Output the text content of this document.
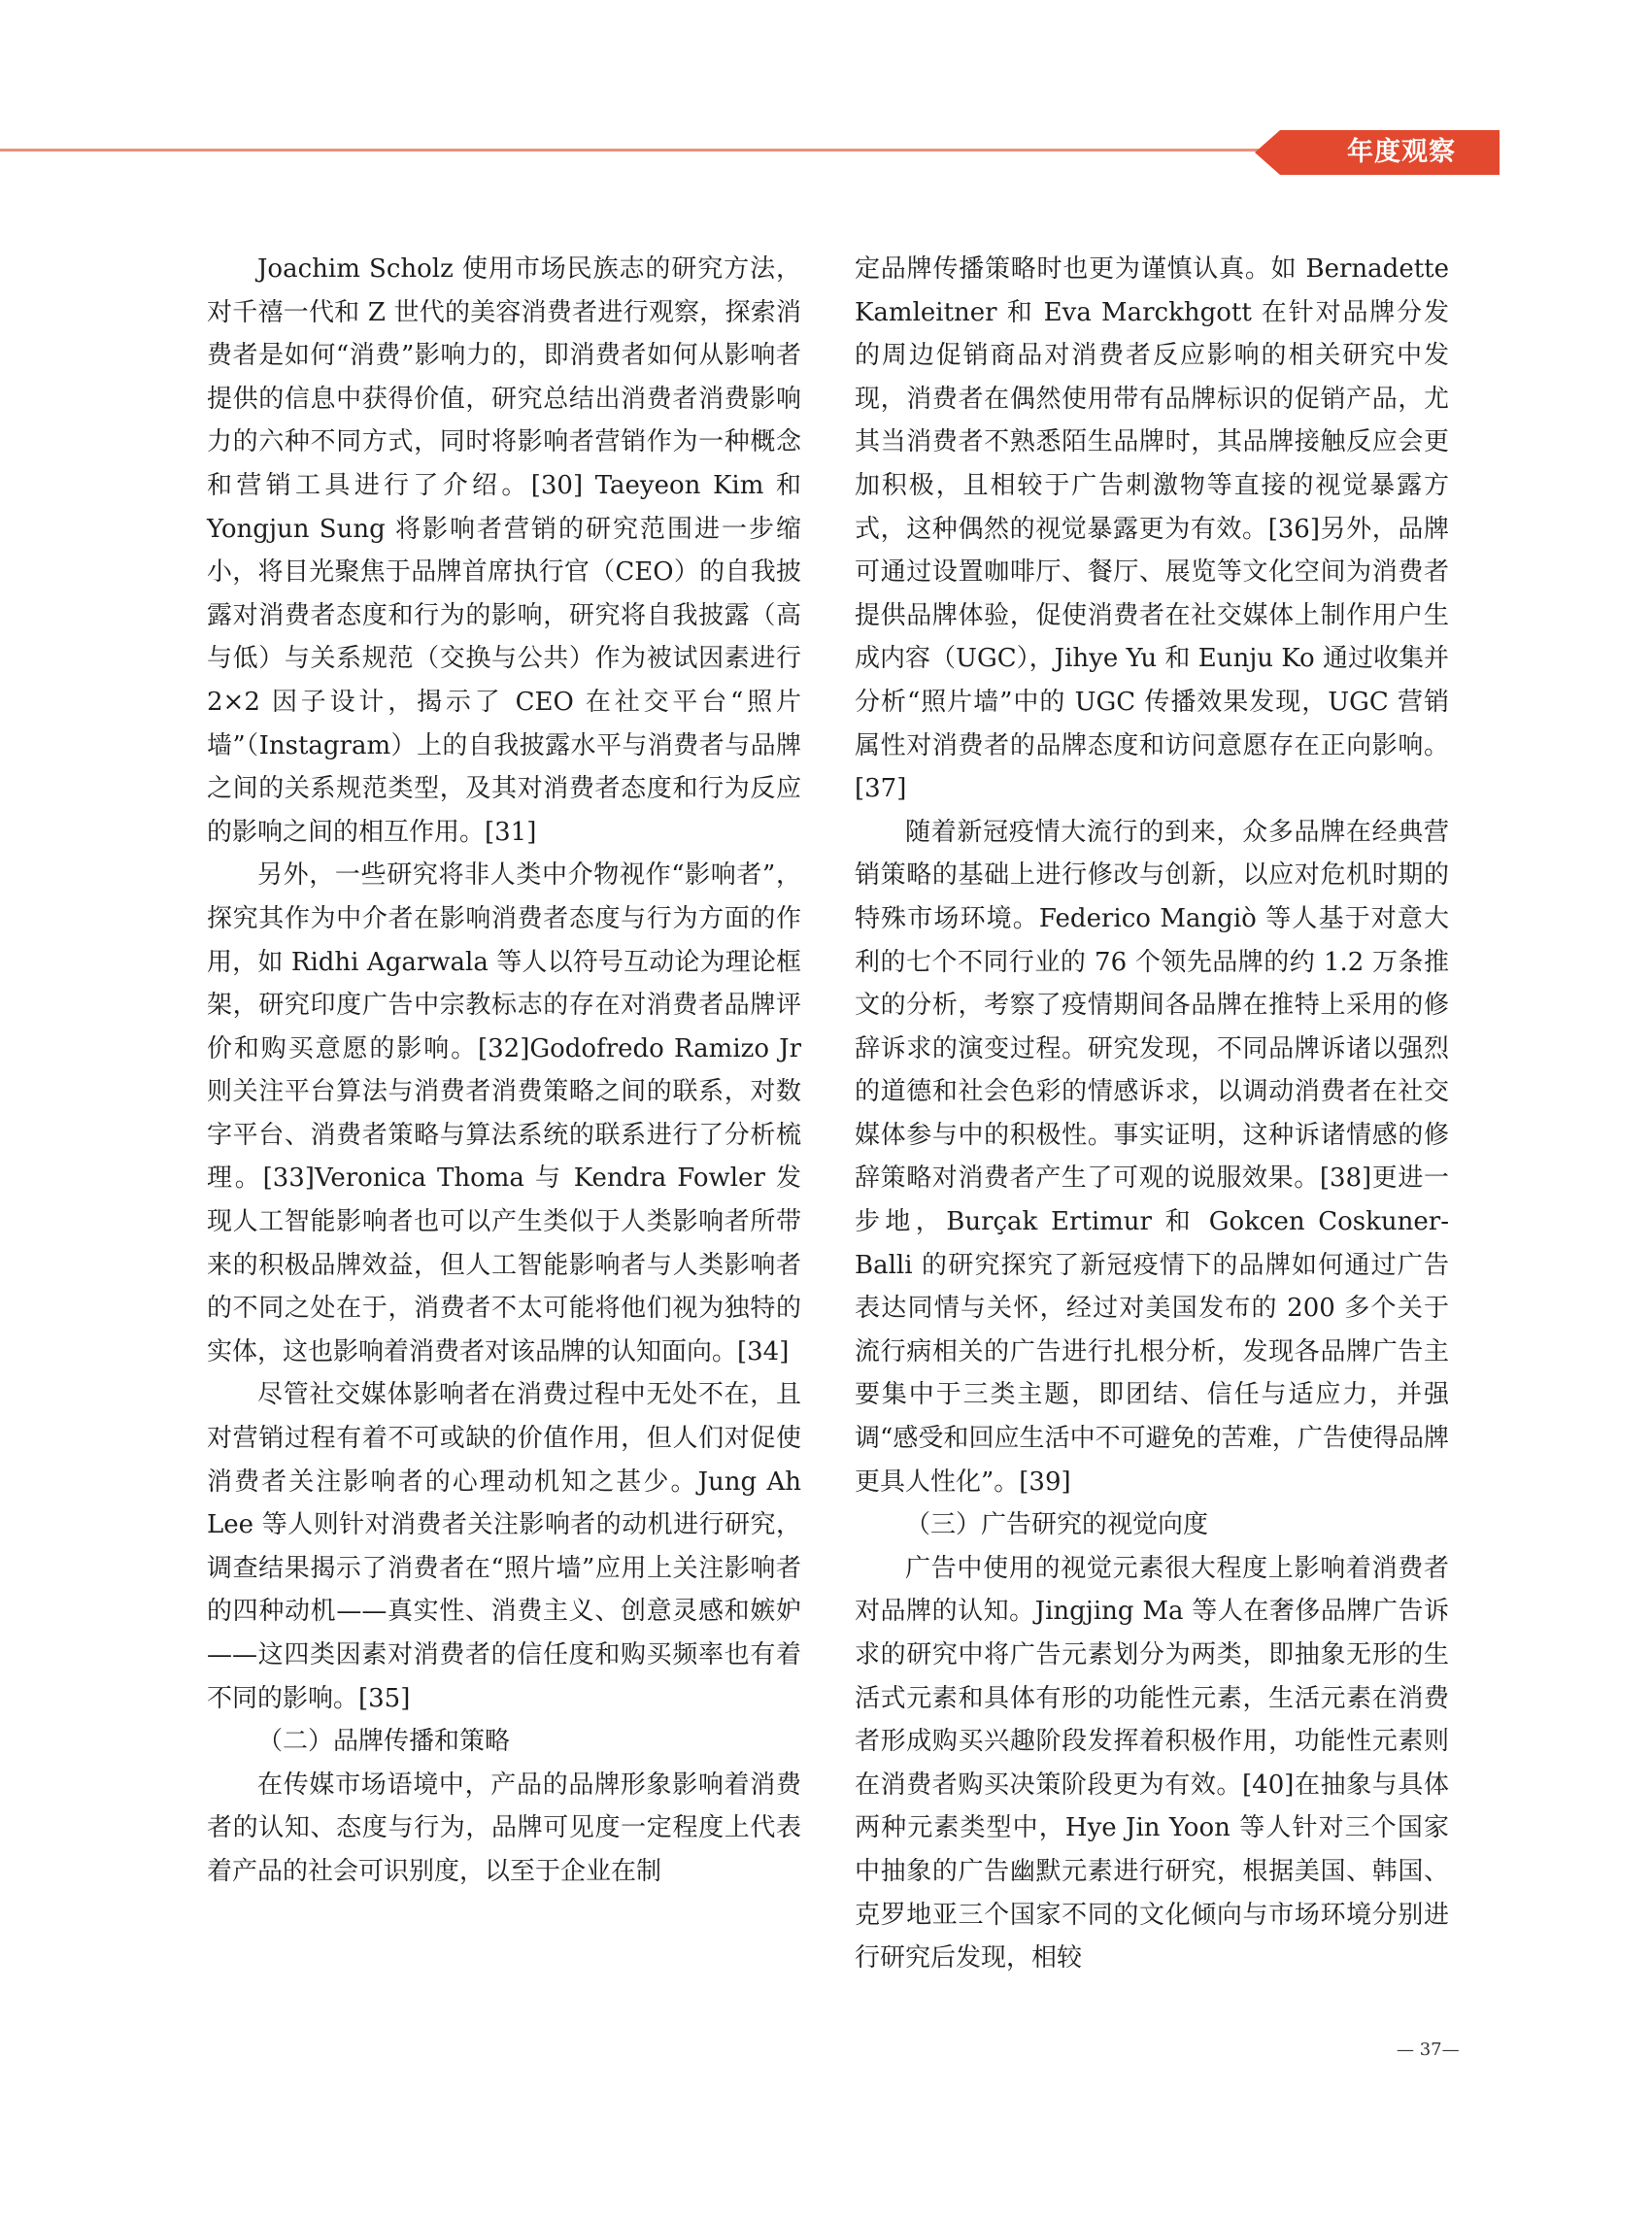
年度观察

Joachim Scholz 使用市场民族志的研究方法，对千禧一代和 Z 世代的美容消费者进行观察，探索消费者是如何“消费”影响力的，即消费者如何从影响者提供的信息中获得价值，研究总结出消费者消费影响力的六种不同方式，同时将影响者营销作为一种概念和营销工具进行了介绍。[30] Taeyeon Kim 和 Yongjun Sung 将影响者营销的研究范围进一步缩小，将目光聚焦于品牌首席执行官（CEO）的自我披露对消费者态度和行为的影响，研究将自我披露（高与低）与关系规范（交换与公共）作为被试因素进行 2×2 因子设计，揭示了 CEO 在社交平台“照片墙”（Instagram）上的自我披露水平与消费者与品牌之间的关系规范类型，及其对消费者态度和行为反应的影响之间的相互作用。[31]

另外，一些研究将非人类中介物视作“影响者”，探究其作为中介者在影响消费者态度与行为方面的作用，如 Ridhi Agarwala 等人以符号互动论为理论框架，研究印度广告中宗教标志的存在对消费者品牌评价和购买意愿的影响。[32]Godofredo Ramizo Jr 则关注平台算法与消费者消费策略之间的联系，对数字平台、消费者策略与算法系统的联系进行了分析梳理。[33]Veronica Thoma 与 Kendra Fowler 发现人工智能影响者也可以产生类似于人类影响者所带来的积极品牌效益，但人工智能影响者与人类影响者的不同之处在于，消费者不太可能将他们视为独特的实体，这也影响着消费者对该品牌的认知面向。[34]

尽管社交媒体影响者在消费过程中无处不在，且对营销过程有着不可或缺的价值作用，但人们对促使消费者关注影响者的心理动机知之甚少。Jung Ah Lee 等人则针对消费者关注影响者的动机进行研究，调查结果揭示了消费者在“照片墙”应用上关注影响者的四种动机——真实性、消费主义、创意灵感和嫉妒——这四类因素对消费者的信任度和购买频率也有着不同的影响。[35]

（二）品牌传播和策略

在传媒市场语境中，产品的品牌形象影响着消费者的认知、态度与行为，品牌可见度一定程度上代表着产品的社会可识别度，以至于企业在制

定品牌传播策略时也更为谨慎认真。如 Bernadette Kamleitner 和 Eva Marckhgott 在针对品牌分发的周边促销商品对消费者反应影响的相关研究中发现，消费者在偶然使用带有品牌标识的促销产品，尤其当消费者不熟悉陌生品牌时，其品牌接触反应会更加积极，且相较于广告刺激物等直接的视觉暴露方式，这种偶然的视觉暴露更为有效。[36]另外，品牌可通过设置咖啡厅、餐厅、展览等文化空间为消费者提供品牌体验，促使消费者在社交媒体上制作用户生成内容（UGC），Jihye Yu 和 Eunju Ko 通过收集并分析“照片墙”中的 UGC 传播效果发现，UGC 营销属性对消费者的品牌态度和访问意愿存在正向影响。[37]

随着新冠疫情大流行的到来，众多品牌在经典营销策略的基础上进行修改与创新，以应对危机时期的特殊市场环境。Federico Mangiò 等人基于对意大利的七个不同行业的 76 个领先品牌的约 1.2 万条推文的分析，考察了疫情期间各品牌在推特上采用的修辞诉求的演变过程。研究发现，不同品牌诉诸以强烈的道德和社会色彩的情感诉求，以调动消费者在社交媒体参与中的积极性。事实证明，这种诉诸情感的修辞策略对消费者产生了可观的说服效果。[38]更进一步地，Burçak Ertimur 和 Gokcen Coskuner-Balli 的研究探究了新冠疫情下的品牌如何通过广告表达同情与关怀，经过对美国发布的 200 多个关于流行病相关的广告进行扎根分析，发现各品牌广告主要集中于三类主题，即团结、信任与适应力，并强调“感受和回应生活中不可避免的苦难，广告使得品牌更具人性化”。[39]

（三）广告研究的视觉向度

广告中使用的视觉元素很大程度上影响着消费者对品牌的认知。Jingjing Ma 等人在奢侈品牌广告诉求的研究中将广告元素划分为两类，即抽象无形的生活式元素和具体有形的功能性元素，生活元素在消费者形成购买兴趣阶段发挥着积极作用，功能性元素则在消费者购买决策阶段更为有效。[40]在抽象与具体两种元素类型中，Hye Jin Yoon 等人针对三个国家中抽象的广告幽默元素进行研究，根据美国、韩国、克罗地亚三个国家不同的文化倾向与市场环境分别进行研究后发现，相较

— 37—
